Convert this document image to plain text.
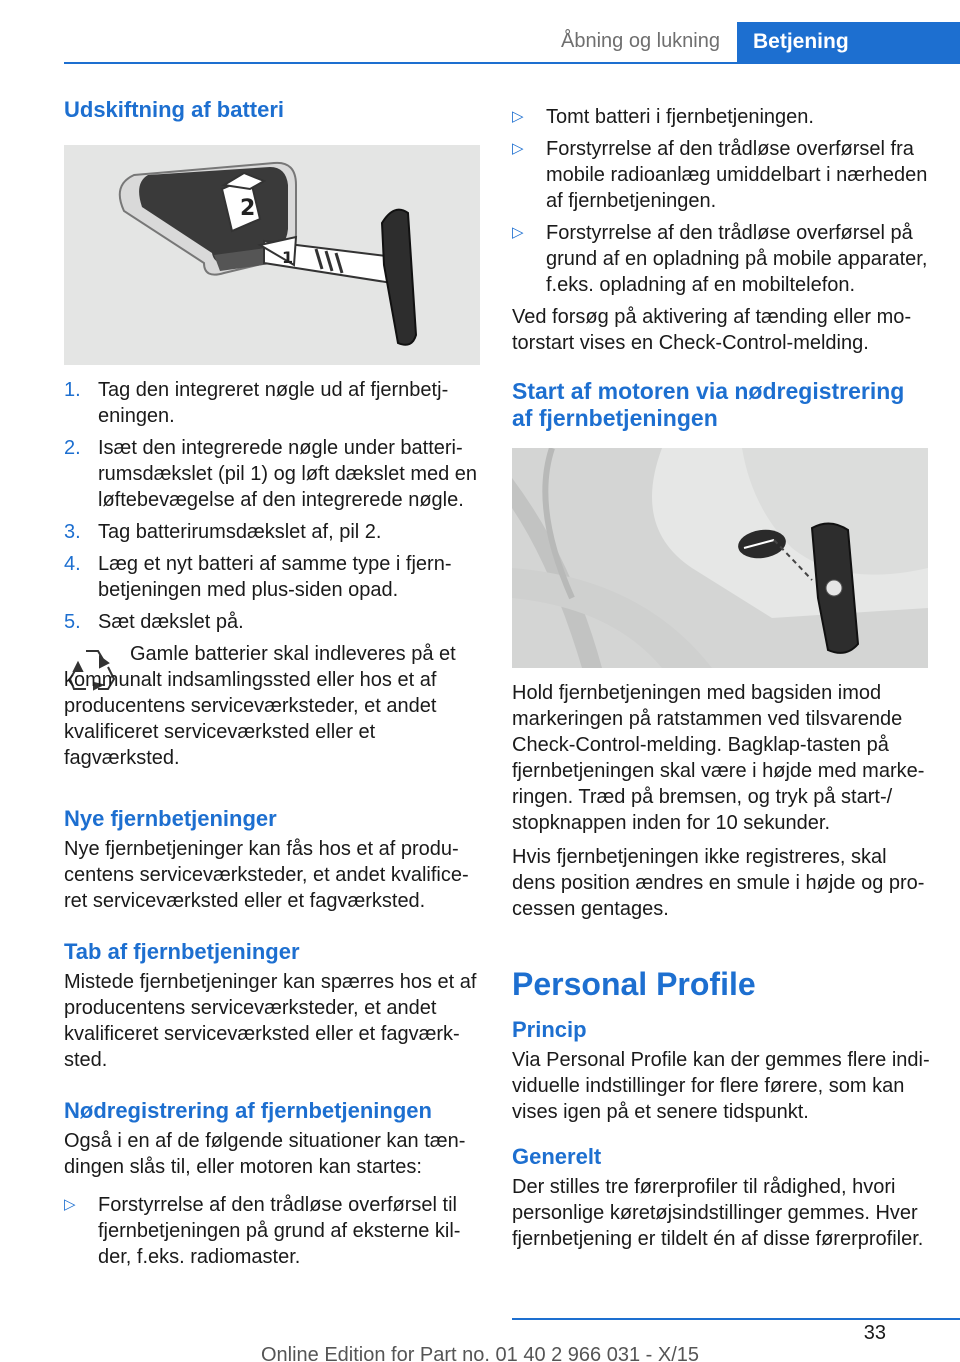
Åbning og lukning	Betjening
Udskiftning af batteri
2
1
1. Tag den integreret nøgle ud af fjernbetjeningen.
2. Isæt den integrerede nøgle under batterirumsdækslet (pil 1) og løft dækslet med en løftebevægelse af den integrerede nøgle.
3. Tag batterirumsdækslet af, pil 2.
4. Læg et nyt batteri af samme type i fjernbetjeningen med plus-siden opad.
5. Sæt dækslet på.

Gamle batterier skal indleveres på et kommunalt indsamlingssted eller hos et af producentens serviceværksteder, et andet kvalificeret serviceværksted eller et fagværksted.

Nye fjernbetjeninger

Nye fjernbetjeninger kan fås hos et af producentens serviceværksteder, et andet kvalificeret serviceværksted eller et fagværksted.

Tab af fjernbetjeninger

Mistede fjernbetjeninger kan spærres hos et af producentens serviceværksteder, et andet kvalificeret serviceværksted eller et fagværksted.

Nødregistrering af fjernbetjeningen

Også i en af de følgende situationer kan tændingen slås til, eller motoren kan startes:

▷ Forstyrrelse af den trådløse overførsel til fjernbetjeningen på grund af eksterne kilder, f.eks. radiomaster.
▷ Tomt batteri i fjernbetjeningen.
▷ Forstyrrelse af den trådløse overførsel fra mobile radioanlæg umiddelbart i nærheden af fjernbetjeningen.
▷ Forstyrrelse af den trådløse overførsel på grund af en opladning på mobile apparater, f.eks. opladning af en mobiltelefon.

Ved forsøg på aktivering af tænding eller motorstart vises en Check-Control-melding.

Start af motoren via nødregistrering af fjernbetjeningen

Hold fjernbetjeningen med bagsiden imod markeringen på ratstammen ved tilsvarende Check-Control-melding. Bagklap-tasten på fjernbetjeningen skal være i højde med markeringen. Træd på bremsen, og tryk på start-/ stopknappen inden for 10 sekunder.

Hvis fjernbetjeningen ikke registreres, skal dens position ændres en smule i højde og processen gentages.

Personal Profile
Princip

Via Personal Profile kan der gemmes flere individuelle indstillinger for flere førere, som kan vises igen på et senere tidspunkt.

Generelt

Der stilles tre førerprofiler til rådighed, hvori personlige køretøjsindstillinger gemmes. Hver fjernbetjening er tildelt én af disse førerprofiler.

33
Online Edition for Part no. 01 40 2 966 031 - X/15
